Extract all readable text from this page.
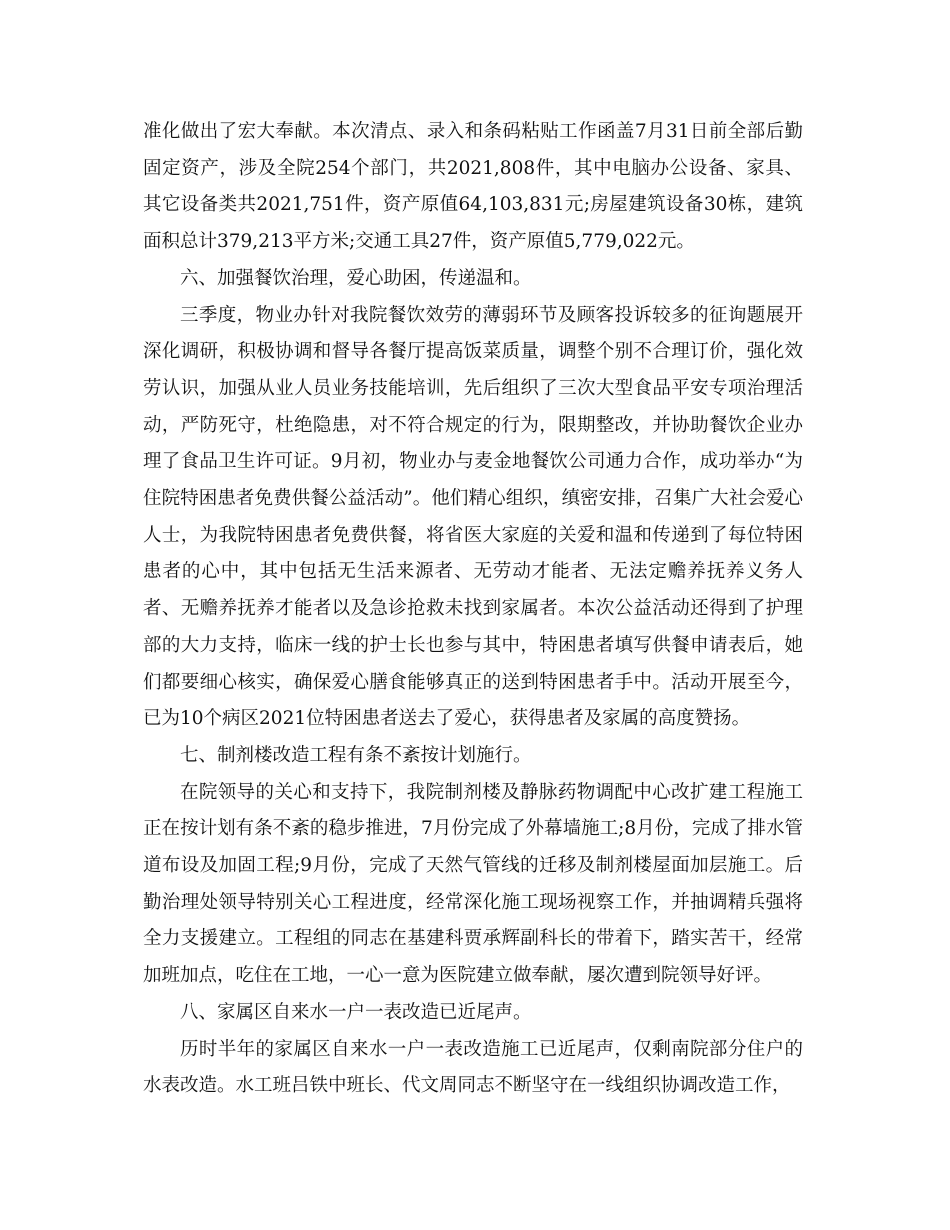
准化做出了宏大奉献。本次清点、录入和条码粘贴工作函盖7月31日前全部后勤固定资产，涉及全院254个部门，共2021,808件，其中电脑办公设备、家具、其它设备类共2021,751件，资产原值64,103,831元;房屋建筑设备30栋，建筑面积总计379,213平方米;交通工具27件，资产原值5,779,022元。

六、加强餐饮治理，爱心助困，传递温和。

三季度，物业办针对我院餐饮效劳的薄弱环节及顾客投诉较多的征询题展开深化调研，积极协调和督导各餐厅提高饭菜质量，调整个别不合理订价，强化效劳认识，加强从业人员业务技能培训，先后组织了三次大型食品平安专项治理活动，严防死守，杜绝隐患，对不符合规定的行为，限期整改，并协助餐饮企业办理了食品卫生许可证。9月初，物业办与麦金地餐饮公司通力合作，成功举办“为住院特困患者免费供餐公益活动”。他们精心组织，缜密安排，召集广大社会爱心人士，为我院特困患者免费供餐，将省医大家庭的关爱和温和传递到了每位特困患者的心中，其中包括无生活来源者、无劳动才能者、无法定赡养抚养义务人者、无赡养抚养才能者以及急诊抢救未找到家属者。本次公益活动还得到了护理部的大力支持，临床一线的护士长也参与其中，特困患者填写供餐申请表后，她们都要细心核实，确保爱心膳食能够真正的送到特困患者手中。活动开展至今，已为10个病区2021位特困患者送去了爱心，获得患者及家属的高度赞扬。

七、制剂楼改造工程有条不紊按计划施行。

在院领导的关心和支持下，我院制剂楼及静脉药物调配中心改扩建工程施工正在按计划有条不紊的稳步推进，7月份完成了外幕墙施工;8月份，完成了排水管道布设及加固工程;9月份，完成了天然气管线的迁移及制剂楼屋面加层施工。后勤治理处领导特别关心工程进度，经常深化施工现场视察工作，并抽调精兵强将全力支援建立。工程组的同志在基建科贾承辉副科长的带着下，踏实苦干，经常加班加点，吃住在工地，一心一意为医院建立做奉献，屡次遭到院领导好评。

八、家属区自来水一户一表改造已近尾声。

历时半年的家属区自来水一户一表改造施工已近尾声，仅剩南院部分住户的水表改造。水工班吕铁中班长、代文周同志不断坚守在一线组织协调改造工作，
